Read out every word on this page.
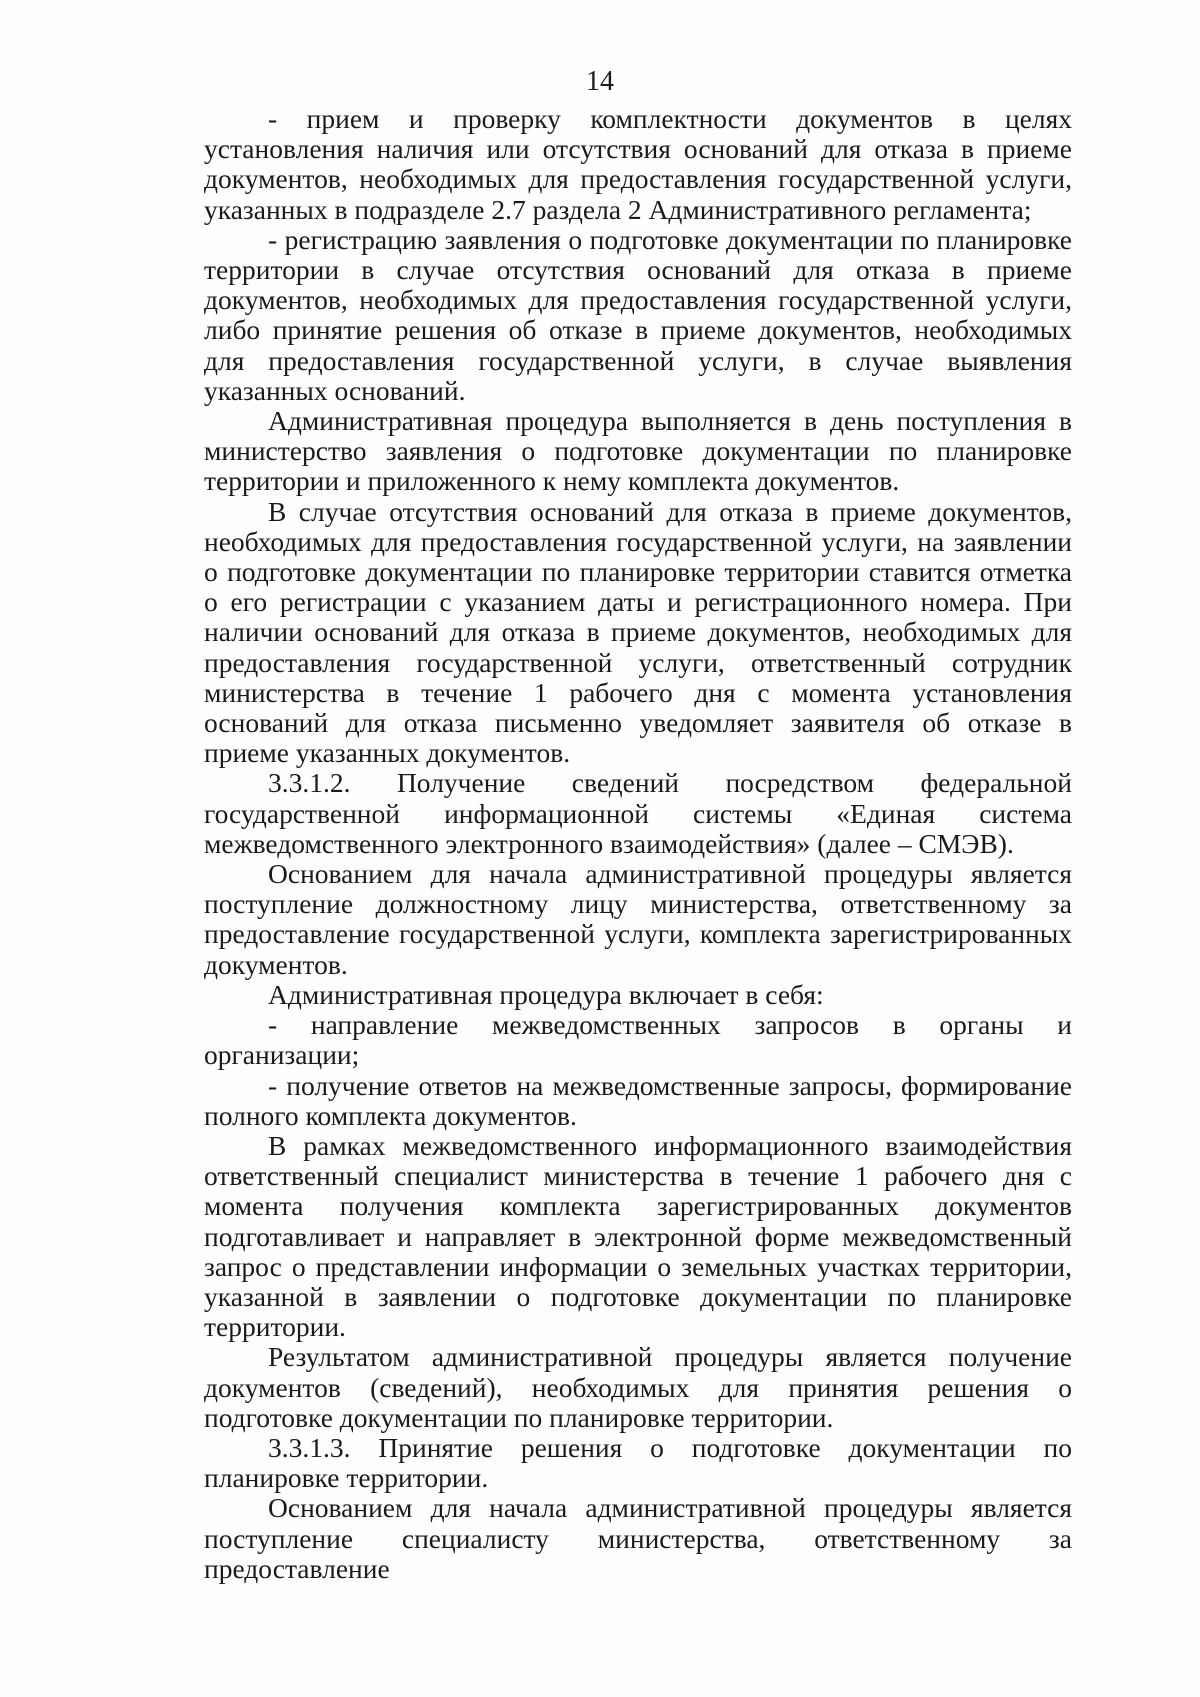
14

- прием и проверку комплектности документов в целях установления наличия или отсутствия оснований для отказа в приеме документов, необходимых для предоставления государственной услуги, указанных в подразделе 2.7 раздела 2 Административного регламента;

- регистрацию заявления о подготовке документации по планировке территории в случае отсутствия оснований для отказа в приеме документов, необходимых для предоставления государственной услуги, либо принятие решения об отказе в приеме документов, необходимых для предоставления государственной услуги, в случае выявления указанных оснований.

Административная процедура выполняется в день поступления в министерство заявления о подготовке документации по планировке территории и приложенного к нему комплекта документов.

В случае отсутствия оснований для отказа в приеме документов, необходимых для предоставления государственной услуги, на заявлении о подготовке документации по планировке территории ставится отметка о его регистрации с указанием даты и регистрационного номера. При наличии оснований для отказа в приеме документов, необходимых для предоставления государственной услуги, ответственный сотрудник министерства в течение 1 рабочего дня с момента установления оснований для отказа письменно уведомляет заявителя об отказе в приеме указанных документов.

3.3.1.2. Получение сведений посредством федеральной государственной информационной системы «Единая система межведомственного электронного взаимодействия» (далее – СМЭВ).

Основанием для начала административной процедуры является поступление должностному лицу министерства, ответственному за предоставление государственной услуги, комплекта зарегистрированных документов.

Административная процедура включает в себя:

- направление межведомственных запросов в органы и организации;

- получение ответов на межведомственные запросы, формирование полного комплекта документов.

В рамках межведомственного информационного взаимодействия ответственный специалист министерства в течение 1 рабочего дня с момента получения комплекта зарегистрированных документов подготавливает и направляет в электронной форме межведомственный запрос о представлении информации о земельных участках территории, указанной в заявлении о подготовке документации по планировке территории.

Результатом административной процедуры является получение документов (сведений), необходимых для принятия решения о подготовке документации по планировке территории.

3.3.1.3. Принятие решения о подготовке документации по планировке территории.

Основанием для начала административной процедуры является поступление специалисту министерства, ответственному за предоставление
